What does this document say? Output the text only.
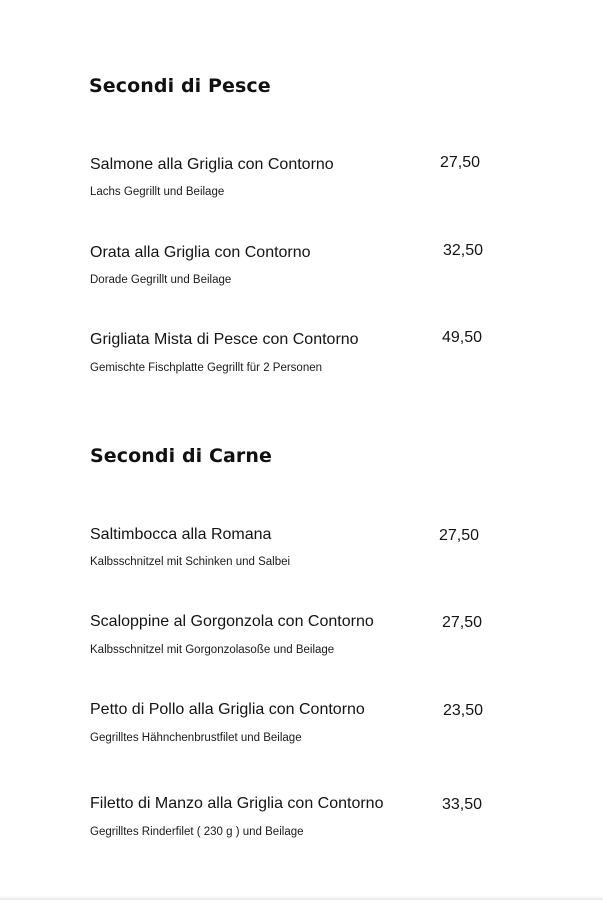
Secondi di Pesce
Salmone alla Griglia con Contorno	27,50
Lachs Gegrillt und Beilage
Orata alla Griglia con Contorno	32,50
Dorade Gegrillt und Beilage
Grigliata Mista di Pesce con Contorno	49,50
Gemischte Fischplatte Gegrillt für 2 Personen
Secondi di Carne
Saltimbocca alla Romana	27,50
Kalbsschnitzel mit Schinken und Salbei
Scaloppine al Gorgonzola con Contorno	27,50
Kalbsschnitzel mit Gorgonzolasoße und Beilage
Petto di Pollo alla Griglia con Contorno	23,50
Gegrilltes Hähnchenbrustfilet und Beilage
Filetto di Manzo alla Griglia con Contorno	33,50
Gegrilltes Rinderfilet ( 230 g ) und Beilage
